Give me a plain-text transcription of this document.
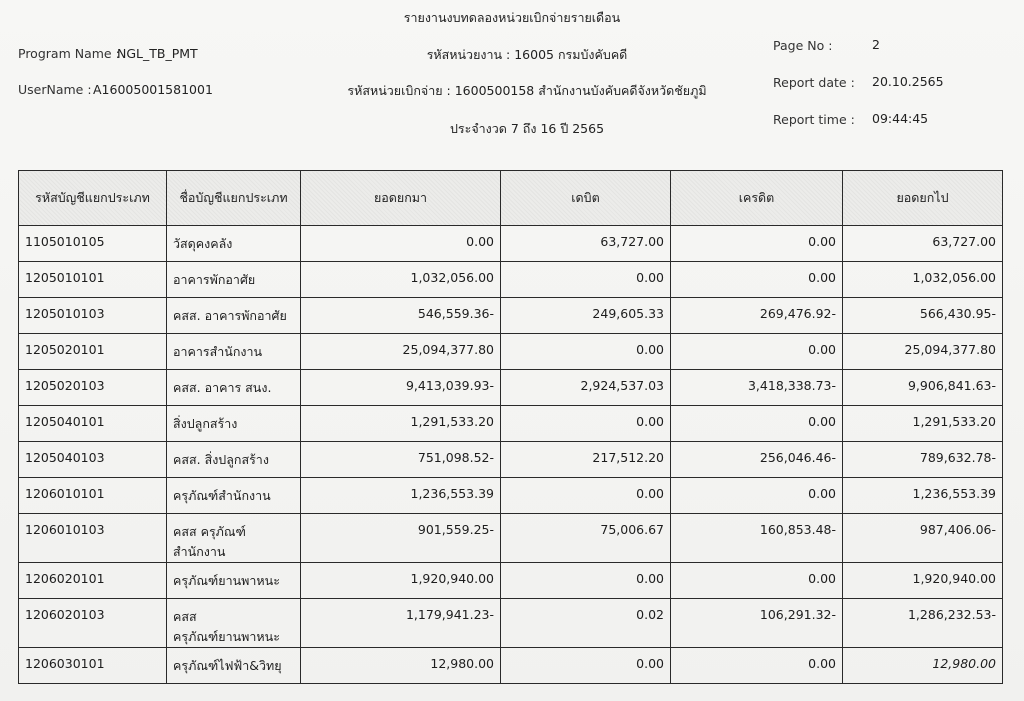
รายงานงบทดลองหน่วยเบิกจ่ายรายเดือน
Program Name :
NGL_TB_PMT
UserName : A16005001581001
รหัสหน่วยงาน : 16005 กรมบังคับคดี
รหัสหน่วยเบิกจ่าย : 1600500158 สำนักงานบังคับคดีจังหวัดชัยภูมิ
ประจำงวด 7 ถึง 16 ปี 2565
Page No :	2
Report date : 20.10.2565
Report time : 09:44:45
รหัสบัญชีแยกประเภท	ชื่อบัญชีแยกประเภท	ยอดยกมา	เดบิต	เครดิต	ยอดยกไป
1105010105	วัสดุคงคลัง	0.00	63,727.00	0.00	63,727.00
1205010101	อาคารพักอาศัย	1,032,056.00	0.00	0.00	1,032,056.00
1205010103	คสส. อาคารพักอาศัย	546,559.36-	249,605.33	269,476.92-	566,430.95-
1205020101	อาคารสำนักงาน	25,094,377.80	0.00	0.00	25,094,377.80
1205020103	คสส. อาคาร สนง.	9,413,039.93-	2,924,537.03	3,418,338.73-	9,906,841.63-
1205040101	สิ่งปลูกสร้าง	1,291,533.20	0.00	0.00	1,291,533.20
1205040103	คสส. สิ่งปลูกสร้าง	751,098.52-	217,512.20	256,046.46-	789,632.78-
1206010101	ครุภัณฑ์สำนักงาน	1,236,553.39	0.00	0.00	1,236,553.39
1206010103	คสส ครุภัณฑ์สำนักงาน	901,559.25-	75,006.67	160,853.48-	987,406.06-
1206020101	ครุภัณฑ์ยานพาหนะ	1,920,940.00	0.00	0.00	1,920,940.00
1206020103	คสส
ครุภัณฑ์ยานพาหนะ	1,179,941.23-	0.02	106,291.32-	1,286,232.53-
1206030101	ครุภัณฑ์ไฟฟ้า&วิทยุ	12,980.00	0.00	0.00	12,980.00
